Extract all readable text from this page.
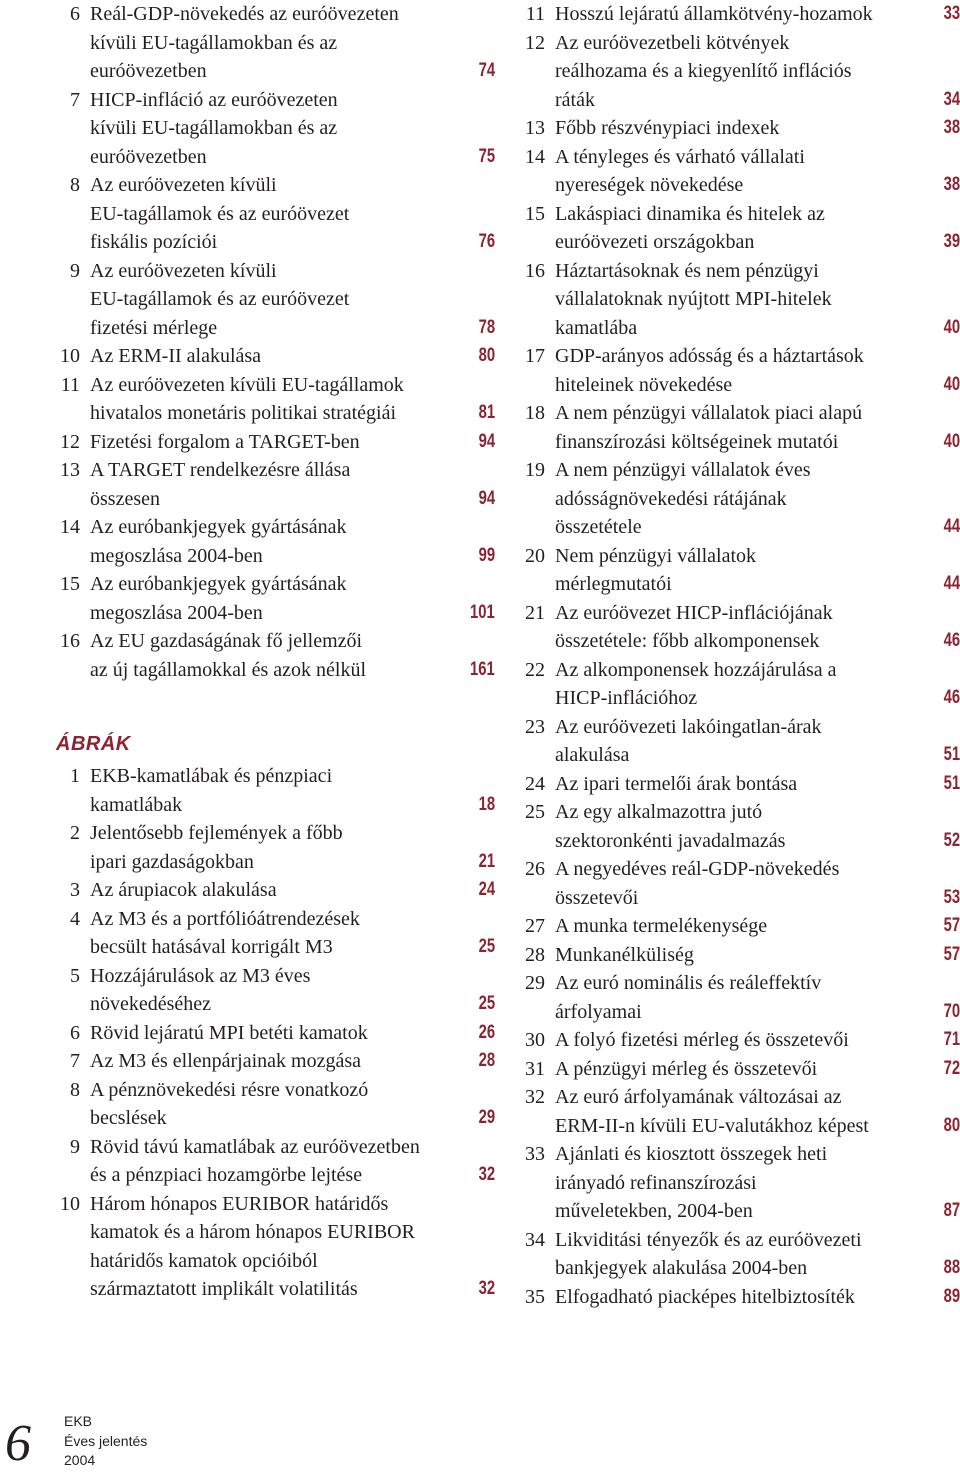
6 Reál-GDP-növekedés az euróövezeten
kívüli EU-tagállamokban és az
euróövezetben	74
7 HICP-infláció az euróövezeten
kívüli EU-tagállamokban és az
euróövezetben	75
8 Az euróövezeten kívüli
EU-tagállamok és az euróövezet
fiskális pozíciói	76
9 Az euróövezeten kívüli
EU-tagállamok és az euróövezet
fizetési mérlege	78
10 Az ERM-II alakulása	80
11 Az euróövezeten kívüli EU-tagállamok
hivatalos monetáris politikai stratégiái	81
12 Fizetési forgalom a TARGET-ben	94
13 A TARGET rendelkezésre állása
összesen	94
14 Az euróbankjegyek gyártásának
megoszlása 2004-ben	99
15 Az euróbankjegyek gyártásának
megoszlása 2004-ben	101
16 Az EU gazdaságának fő jellemzői
az új tagállamokkal és azok nélkül	161
1 EKB-kamatlábak és pénzpiaci
kamatlábak	18
2 Jelentősebb fejlemények a főbb
ipari gazdaságokban	21
3 Az árupiacok alakulása	24
4 Az M3 és a portfólióátrendezések
becsült hatásával korrigált M3	25
5 Hozzájárulások az M3 éves
növekedéséhez	25
6 Rövid lejáratú MPI betéti kamatok	26
7 Az M3 és ellenpárjainak mozgása	28
8 A pénznövekedési résre vonatkozó
becslések	29
9 Rövid távú kamatlábak az euróövezetben
és a pénzpiaci hozamgörbe lejtése	32
10 Három hónapos EURIBOR határidős
kamatok és a három hónapos EURIBOR
határidős kamatok opcióiból
származtatott implikált volatilitás	32
ÁBRÁK
11 Hosszú lejáratú államkötvény-hozamok	33
12 Az euróövezetbeli kötvények
reálhozama és a kiegyenlítő inflációs
ráták	34
13 Főbb részvénypiaci indexek	38
14 A tényleges és várható vállalati
nyereségek növekedése	38
15 Lakáspiaci dinamika és hitelek az
euróövezeti országokban	39
16 Háztartásoknak és nem pénzügyi
vállalatoknak nyújtott MPI-hitelek
kamatlába	40
17 GDP-arányos adósság és a háztartások
hiteleinek növekedése	40
18 A nem pénzügyi vállalatok piaci alapú
finanszírozási költségeinek mutatói	40
19 A nem pénzügyi vállalatok éves
adósságnövekedési rátájának
összetétele	44
20 Nem pénzügyi vállalatok
mérlegmutatói	44
21 Az euróövezet HICP-inflációjának
összetétele: főbb alkomponensek	46
22 Az alkomponensek hozzájárulása a
HICP-inflációhoz	46
23 Az euróövezeti lakóingatlan-árak
alakulása	51
24 Az ipari termelői árak bontása	51
25 Az egy alkalmazottra jutó
szektoronkénti javadalmazás	52
26 A negyedéves reál-GDP-növekedés
összetevői	53
27 A munka termelékenysége	57
28 Munkanélküliség	57
29 Az euró nominális és reáleffektív
árfolyamai	70
30 A folyó fizetési mérleg és összetevői	71
31 A pénzügyi mérleg és összetevői	72
32 Az euró árfolyamának változásai az
ERM-II-n kívüli EU-valutákhoz képest	80
33 Ajánlati és kiosztott összegek heti
irányadó refinanszírozási
műveletekben, 2004-ben	87
34 Likviditási tényezők és az euróövezeti
bankjegyek alakulása 2004-ben	88
35 Elfogadható piacképes hitelbiztosíték	89
6 EKB
Éves jelentés
2004
